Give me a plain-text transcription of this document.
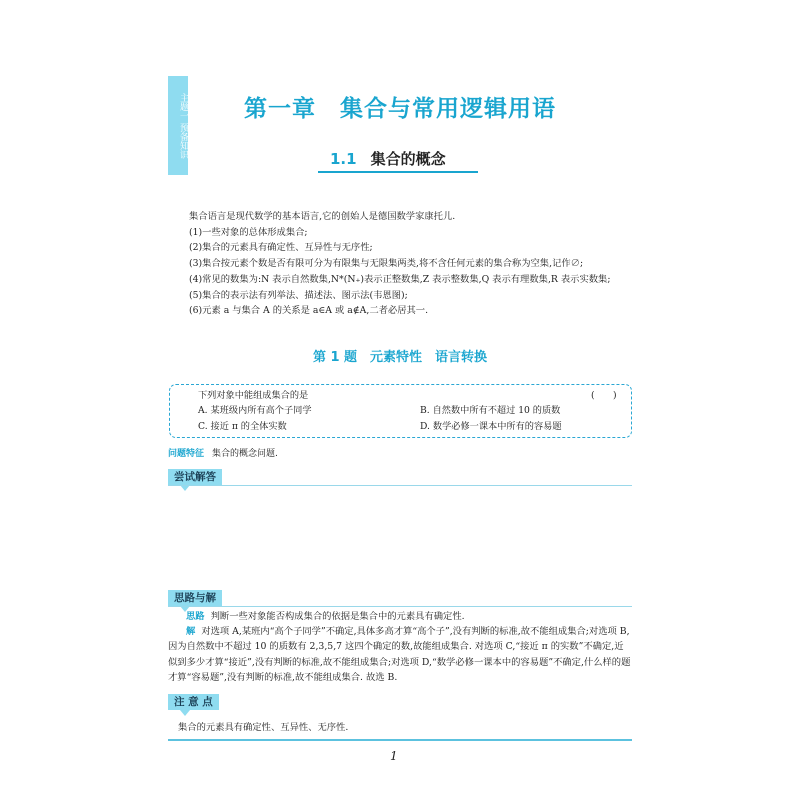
主题一 预备知识	第一章　集合与常用逻辑用语
1.1 集合的概念

集合语言是现代数学的基本语言,它的创始人是德国数学家康托儿.

(1)一些对象的总体形成集合;

(2)集合的元素具有确定性、互异性与无序性;

(3)集合按元素个数是否有限可分为有限集与无限集两类,将不含任何元素的集合称为空集,记作∅;

(4)常见的数集为:N 表示自然数集,N*(N₊)表示正整数集,Z 表示整数集,Q 表示有理数集,R 表示实数集;

(5)集合的表示法有列举法、描述法、图示法(韦恩图);

(6)元素 a 与集合 A 的关系是 a∈A 或 a∉A,二者必居其一.

第 1 题　元素特性　语言转换
下列对象中能组成集合的是	(　　)
A. 某班级内所有高个子同学	B. 自然数中所有不超过 10 的质数
C. 接近 π 的全体实数	D. 数学必修一课本中所有的容易题
问题特征 集合的概念问题.
尝试解答
思路与解

思路 判断一些对象能否构成集合的依据是集合中的元素具有确定性.

解 对选项 A,某班内“高个子同学”不确定,具体多高才算“高个子”,没有判断的标准,故不能组成集合;对选项 B,因为自然数中不超过 10 的质数有 2,3,5,7 这四个确定的数,故能组成集合. 对选项 C,“接近 π 的实数”不确定,近似到多少才算“接近”,没有判断的标准,故不能组成集合;对选项 D,“数学必修一课本中的容易题”不确定,什么样的题才算“容易题”,没有判断的标准,故不能组成集合. 故选 B.

注 意 点
集合的元素具有确定性、互异性、无序性.
1
